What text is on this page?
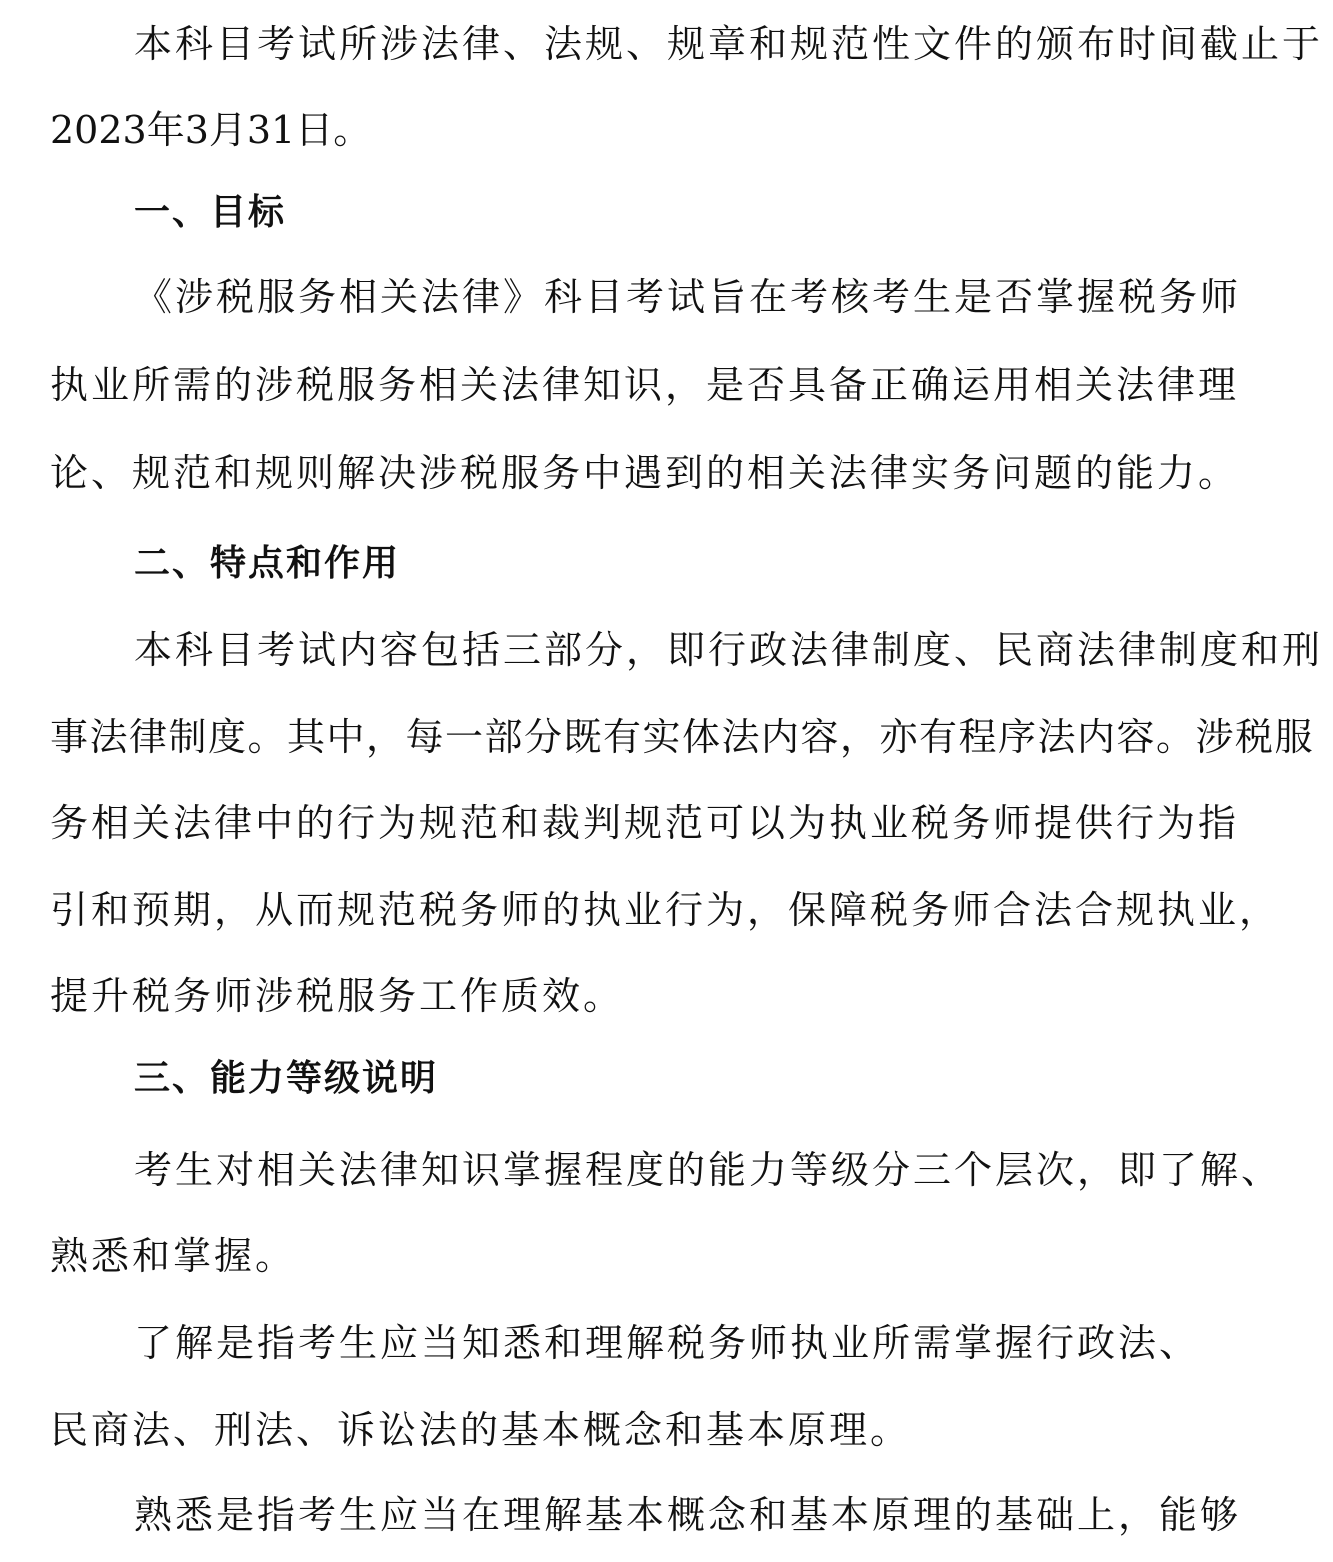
本科目考试所涉法律、法规、规章和规范性文件的颁布时间截止于

2023年3月31日。

一、目标

《涉税服务相关法律》科目考试旨在考核考生是否掌握税务师

执业所需的涉税服务相关法律知识，是否具备正确运用相关法律理

论、规范和规则解决涉税服务中遇到的相关法律实务问题的能力。

二、特点和作用

本科目考试内容包括三部分，即行政法律制度、民商法律制度和刑

事法律制度。其中，每一部分既有实体法内容，亦有程序法内容。涉税服

务相关法律中的行为规范和裁判规范可以为执业税务师提供行为指

引和预期，从而规范税务师的执业行为，保障税务师合法合规执业，

提升税务师涉税服务工作质效。

三、能力等级说明

考生对相关法律知识掌握程度的能力等级分三个层次，即了解、

熟悉和掌握。

了解是指考生应当知悉和理解税务师执业所需掌握行政法、

民商法、刑法、诉讼法的基本概念和基本原理。

熟悉是指考生应当在理解基本概念和基本原理的基础上，能够
